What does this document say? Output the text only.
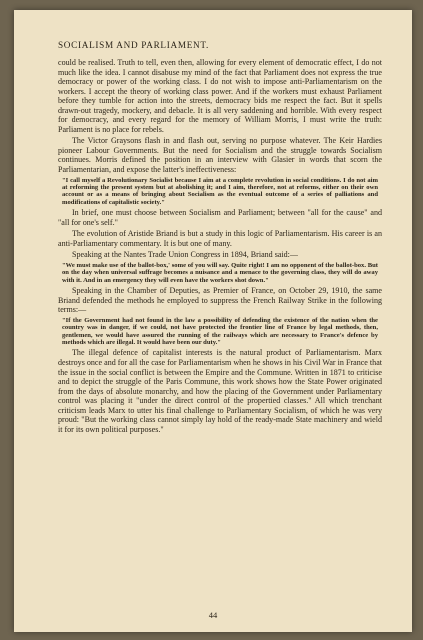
SOCIALISM AND PARLIAMENT.

could be realised. Truth to tell, even then, allowing for every element of democratic effect, I do not much like the idea. I cannot disabuse my mind of the fact that Parliament does not express the true democracy or power of the working class. I do not wish to impose anti-Parliamentarism on the workers. I accept the theory of working class power. And if the workers must exhaust Parliament before they tumble for action into the streets, democracy bids me respect the fact. But it spells drawn-out tragedy, mockery, and debacle. It is all very saddening and horrible. With every respect for democracy, and every regard for the memory of William Morris, I must write the truth: Parliament is no place for rebels.

The Victor Graysons flash in and flash out, serving no purpose whatever. The Keir Hardies pioneer Labour Governments. But the need for Socialism and the struggle towards Socialism continues. Morris defined the position in an interview with Glasier in words that scorn the Parliamentarian, and expose the latter's ineffectiveness:

"I call myself a Revolutionary Socialist because I aim at a complete revolution in social conditions. I do not aim at reforming the present system but at abolishing it; and I aim, therefore, not at reforms, either on their own account or as a means of bringing about Socialism as the eventual outcome of a series of palliations and modifications of capitalistic society."

In brief, one must choose between Socialism and Parliament; between "all for the cause" and "all for one's self."

The evolution of Aristide Briand is but a study in this logic of Parliamentarism. His career is an anti-Parliamentary commentary. It is but one of many.

Speaking at the Nantes Trade Union Congress in 1894, Briand said:—

"We must make use of the ballot-box,' some of you will say. Quite right! I am no opponent of the ballot-box. But on the day when universal suffrage becomes a nuisance and a menace to the governing class, they will do away with it. And in an emergency they will even have the workers shot down."

Speaking in the Chamber of Deputies, as Premier of France, on October 29, 1910, the same Briand defended the methods he employed to suppress the French Railway Strike in the following terms:—

"If the Government had not found in the law a possibility of defending the existence of the nation when the country was in danger, if we could, not have protected the frontier line of France by legal methods, then, gentlemen, we would have assured the running of the railways which are necessary to France's defence by methods which are illegal. It would have been our duty."

The illegal defence of capitalist interests is the natural product of Parliamentarism. Marx destroys once and for all the case for Parliamentarism when he shows in his Civil War in France that the issue in the social conflict is between the Empire and the Commune. Written in 1871 to criticise and to depict the struggle of the Paris Commune, this work shows how the State Power originated from the days of absolute monarchy, and how the placing of the Government under Parliamentary control was placing it "under the direct control of the propertied classes." All which trenchant criticism leads Marx to utter his final challenge to Parliamentary Socialism, of which he was very proud: "But the working class cannot simply lay hold of the ready-made State machinery and wield it for its own political purposes."

44
